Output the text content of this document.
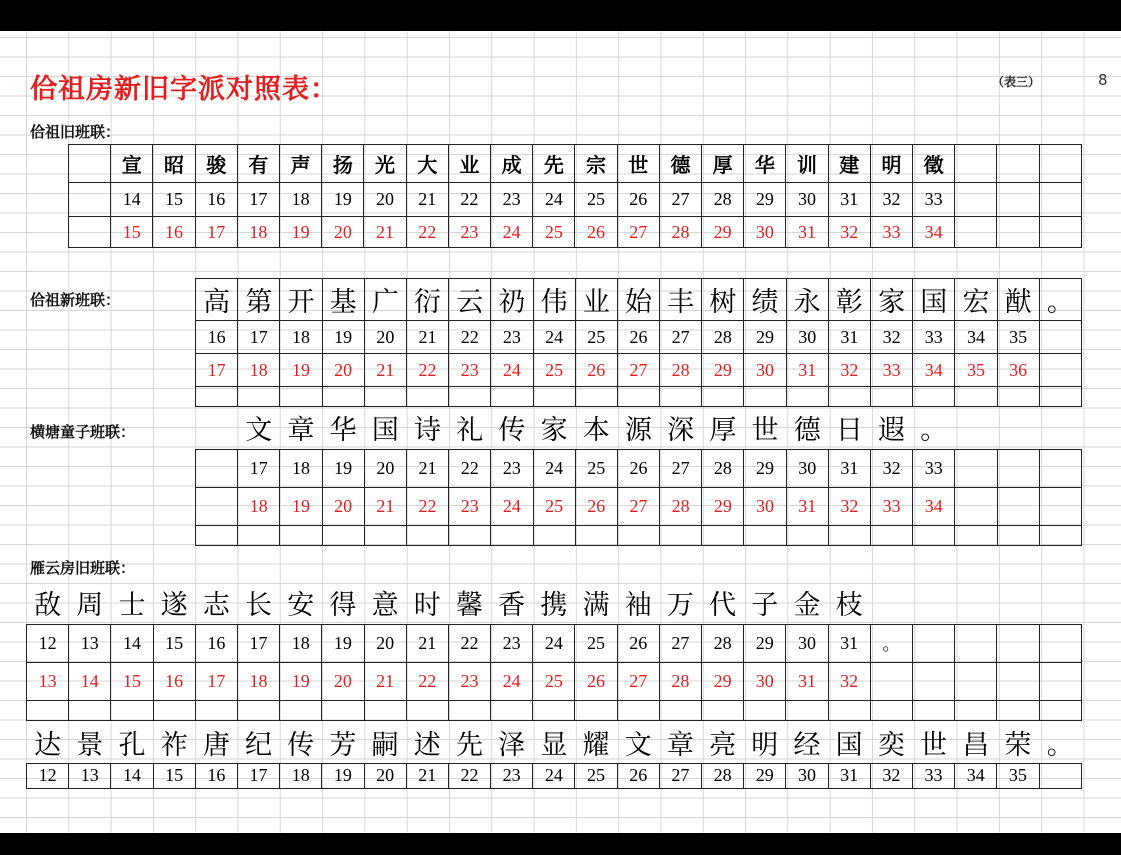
佮祖房新旧字派对照表：	（表三）	8
佮祖旧班联：
	宣	昭	骏	有	声	扬	光	大	业	成	先	宗	世	德	厚	华	训	建	明	徵			
	14	15	16	17	18	19	20	21	22	23	24	25	26	27	28	29	30	31	32	33			
	15	16	17	18	19	20	21	22	23	24	25	26	27	28	29	30	31	32	33	34			
佮祖新班联：	高	第	开	基	广	衍	云	礽	伟	业	始	丰	树	绩	永	彰	家	国	宏	猷	。
16	17	18	19	20	21	22	23	24	25	26	27	28	29	30	31	32	33	34	35	
17	18	19	20	21	22	23	24	25	26	27	28	29	30	31	32	33	34	35	36	

横塘童子班联：
		文	章	华	国	诗	礼	传	家	本	源	深	厚	世	德	日	遐	。			
	17	18	19	20	21	22	23	24	25	26	27	28	29	30	31	32	33			
	18	19	20	21	22	23	24	25	26	27	28	29	30	31	32	33	34			

雁云房旧班联：
敌	周	士	遂	志	长	安	得	意	时	馨	香	携	满	袖	万	代	子	金	枝					
12	13	14	15	16	17	18	19	20	21	22	23	24	25	26	27	28	29	30	31	。				
13	14	15	16	17	18	19	20	21	22	23	24	25	26	27	28	29	30	31	32					

达	景	孔	祚	唐	纪	传	芳	嗣	述	先	泽	显	耀	文	章	亮	明	经	国	奕	世	昌	荣	。
12	13	14	15	16	17	18	19	20	21	22	23	24	25	26	27	28	29	30	31	32	33	34	35	
